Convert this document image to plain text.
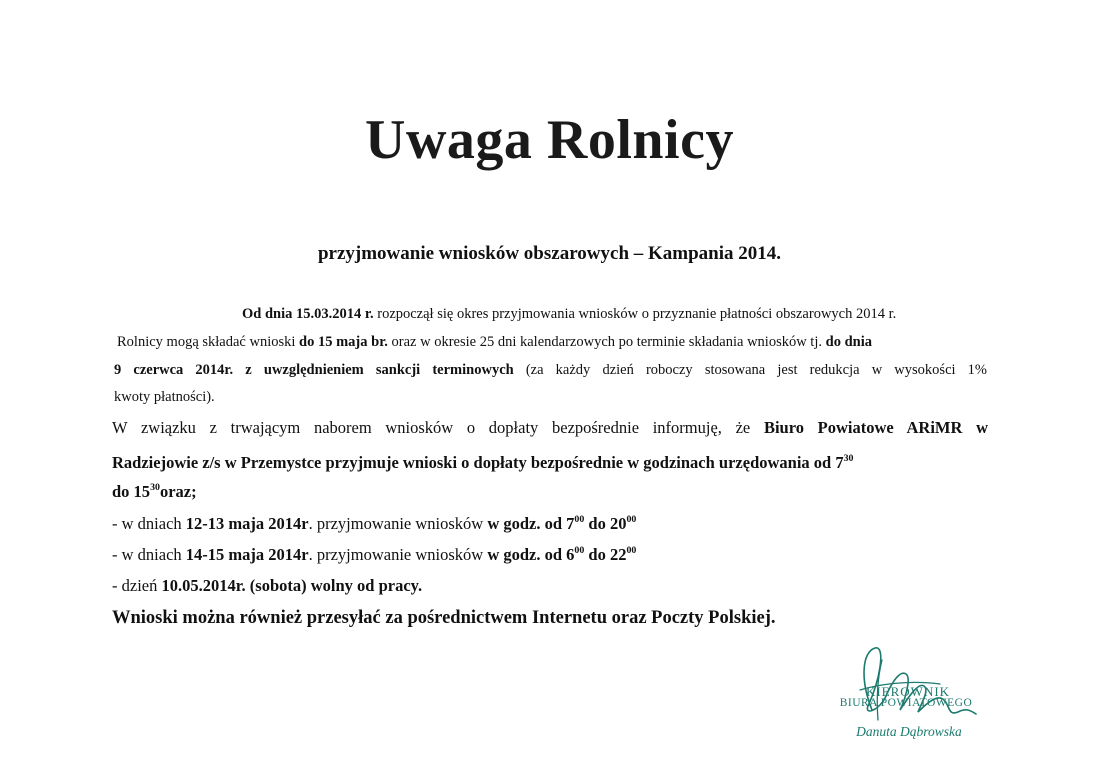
Uwaga Rolnicy
przyjmowanie wniosków obszarowych – Kampania 2014.
Od dnia 15.03.2014 r. rozpoczął się okres przyjmowania wniosków o przyznanie płatności obszarowych 2014 r.
Rolnicy mogą składać wnioski do 15 maja br. oraz w okresie 25 dni kalendarzowych po terminie składania wniosków tj. do dnia
9 czerwca 2014r. z uwzględnieniem sankcji terminowych (za każdy dzień roboczy stosowana jest redukcja w wysokości 1%
kwoty płatności).
W związku z trwającym naborem wniosków o dopłaty bezpośrednie informuję, że Biuro Powiatowe ARiMR w
Radziejowie z/s w Przemystce przyjmuje wnioski o dopłaty bezpośrednie w godzinach urzędowania od $7^{30}$
do $15^{30}oraz$;
- w dniach 12-13 maja 2014r. przyjmowanie wniosków w godz. od $7^{00}$ do $20^{00}$
- w dniach 14-15 maja 2014r. przyjmowanie wniosków w godz. od $6^{00}$ do $22^{00}$
- dzień 10.05.2014r. (sobota) wolny od pracy.
Wnioski można również przesyłać za pośrednictwem Internetu oraz Poczty Polskiej.
KIEROWNIK
BIURA POWIATOWEGO
Danuta Dąbrowska
